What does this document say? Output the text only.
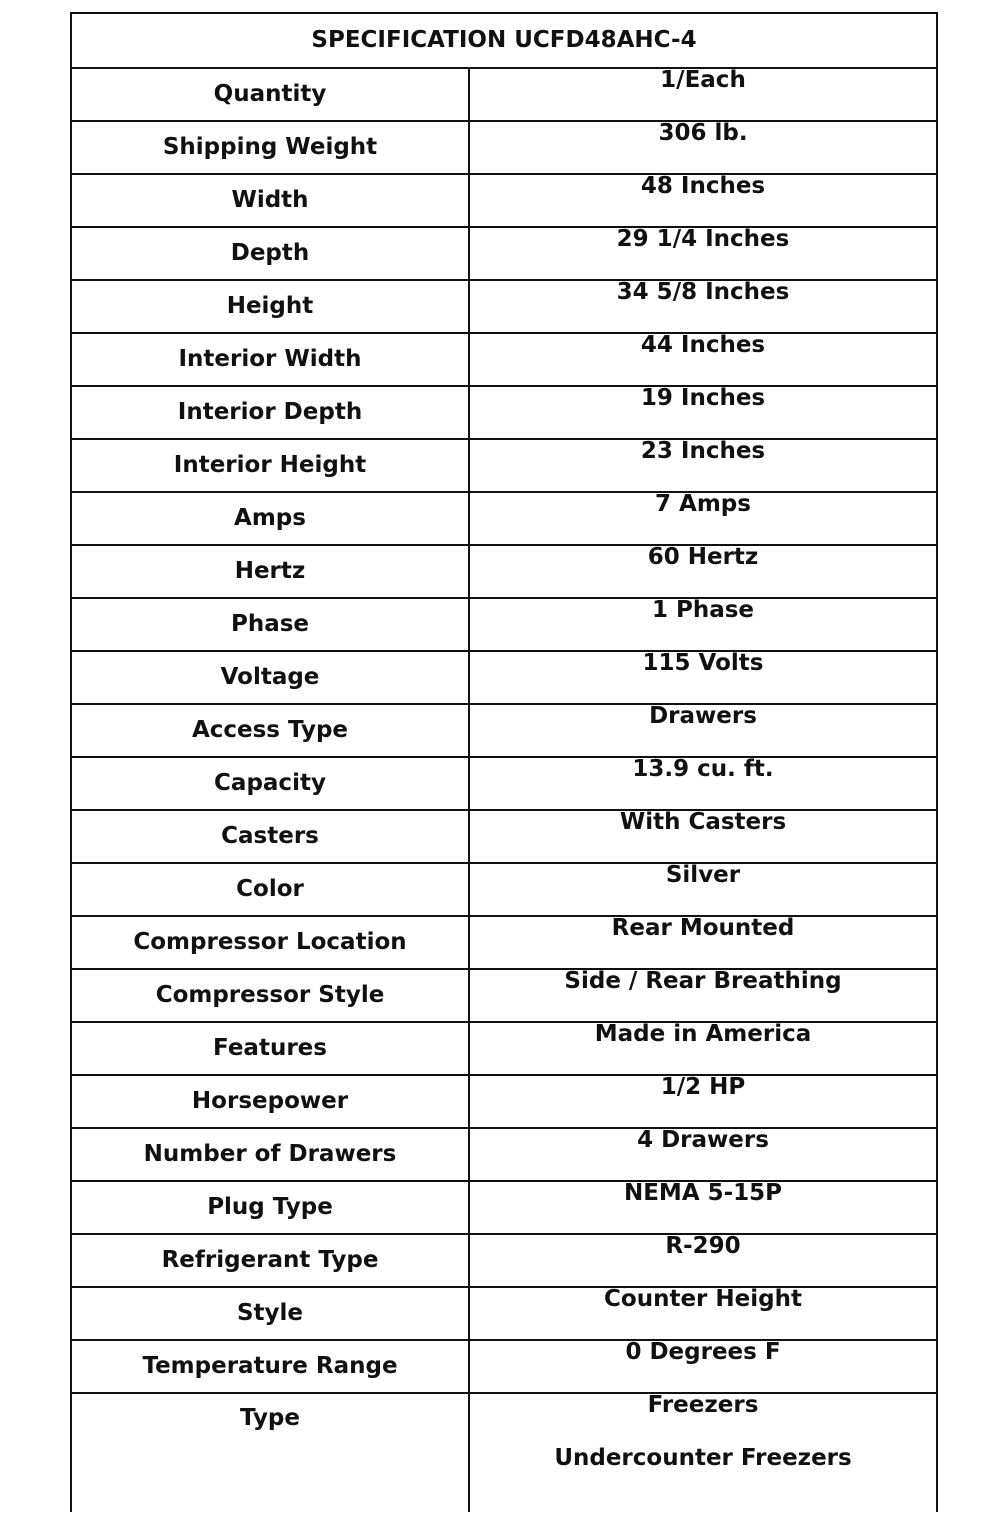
SPECIFICATION UCFD48AHC-4	
Quantity	1/Each
Shipping Weight	306 lb.
Width	48 Inches
Depth	29 1/4 Inches
Height	34 5/8 Inches
Interior Width	44 Inches
Interior Depth	19 Inches
Interior Height	23 Inches
Amps	7 Amps
Hertz	60 Hertz
Phase	1 Phase
Voltage	115 Volts
Access Type	Drawers
Capacity	13.9 cu. ft.
Casters	With Casters
Color	Silver
Compressor Location	Rear Mounted
Compressor Style	Side / Rear Breathing
Features	Made in America
Horsepower	1/2 HP
Number of Drawers	4 Drawers
Plug Type	NEMA 5-15P
Refrigerant Type	R-290
Style	Counter Height
Temperature Range	0 Degrees F
Type	Freezers
Undercounter Freezers
